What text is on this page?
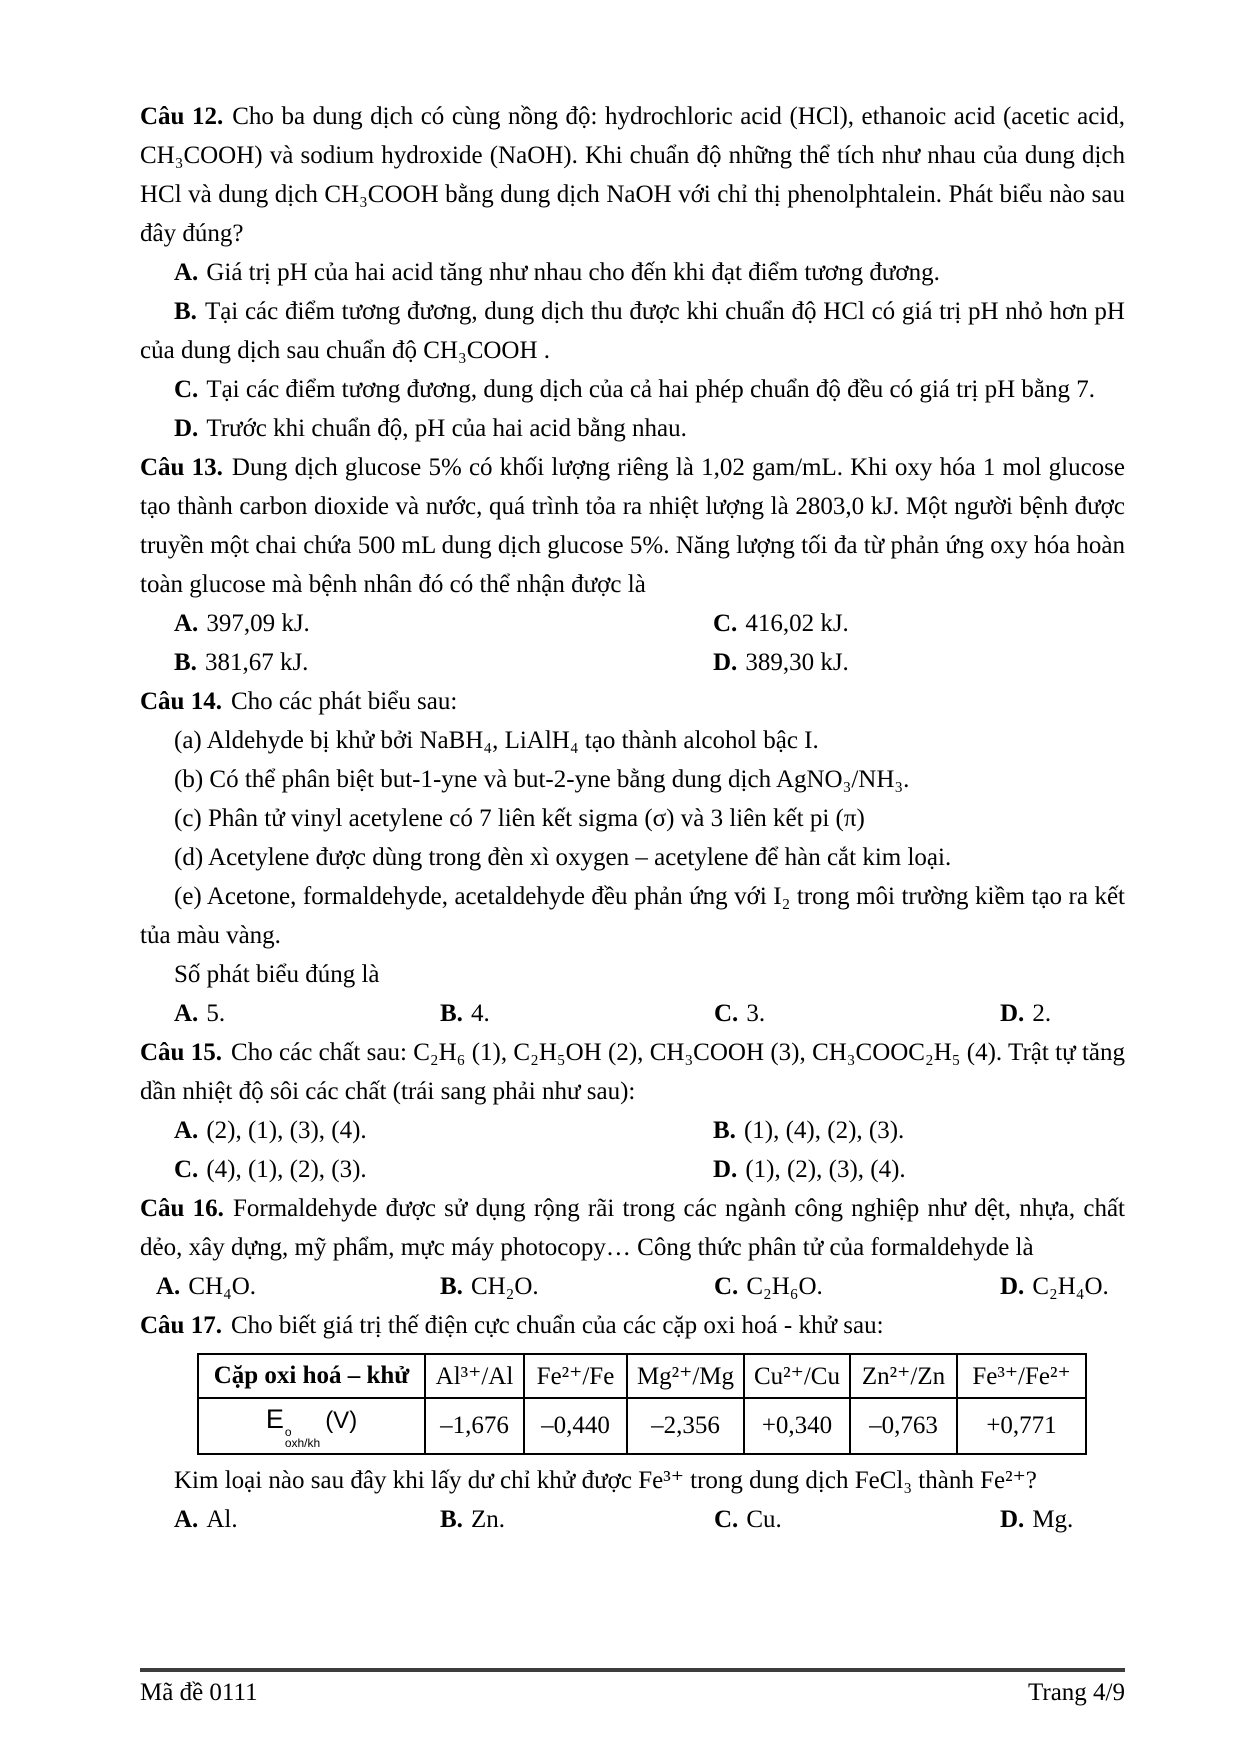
Câu 12. Cho ba dung dịch có cùng nồng độ: hydrochloric acid (HCl), ethanoic acid (acetic acid, CH₃COOH) và sodium hydroxide (NaOH). Khi chuẩn độ những thể tích như nhau của dung dịch HCl và dung dịch CH₃COOH bằng dung dịch NaOH với chỉ thị phenolphtalein. Phát biểu nào sau đây đúng?

A. Giá trị pH của hai acid tăng như nhau cho đến khi đạt điểm tương đương.

B. Tại các điểm tương đương, dung dịch thu được khi chuẩn độ HCl có giá trị pH nhỏ hơn pH của dung dịch sau chuẩn độ CH₃COOH .

C. Tại các điểm tương đương, dung dịch của cả hai phép chuẩn độ đều có giá trị pH bằng 7.

D. Trước khi chuẩn độ, pH của hai acid bằng nhau.

Câu 13. Dung dịch glucose 5% có khối lượng riêng là 1,02 gam/mL. Khi oxy hóa 1 mol glucose tạo thành carbon dioxide và nước, quá trình tỏa ra nhiệt lượng là 2803,0 kJ. Một người bệnh được truyền một chai chứa 500 mL dung dịch glucose 5%. Năng lượng tối đa từ phản ứng oxy hóa hoàn toàn glucose mà bệnh nhân đó có thể nhận được là

A. 397,09 kJ.	C. 416,02 kJ.

B. 381,67 kJ.	D. 389,30 kJ.

Câu 14. Cho các phát biểu sau:

(a) Aldehyde bị khử bởi NaBH₄, LiAlH₄ tạo thành alcohol bậc I.

(b) Có thể phân biệt but-1-yne và but-2-yne bằng dung dịch AgNO₃/NH₃.

(c) Phân tử vinyl acetylene có 7 liên kết sigma (σ) và 3 liên kết pi (π)

(d) Acetylene được dùng trong đèn xì oxygen – acetylene để hàn cắt kim loại.

(e) Acetone, formaldehyde, acetaldehyde đều phản ứng với I₂ trong môi trường kiềm tạo ra kết tủa màu vàng.

Số phát biểu đúng là

A. 5.	B. 4.	C. 3.	D. 2.

Câu 15. Cho các chất sau: C₂H₆ (1), C₂H₅OH (2), CH₃COOH (3), CH₃COOC₂H₅ (4). Trật tự tăng dần nhiệt độ sôi các chất (trái sang phải như sau):

A. (2), (1), (3), (4).	B. (1), (4), (2), (3).

C. (4), (1), (2), (3).	D. (1), (2), (3), (4).

Câu 16. Formaldehyde được sử dụng rộng rãi trong các ngành công nghiệp như dệt, nhựa, chất dẻo, xây dựng, mỹ phẩm, mực máy photocopy… Công thức phân tử của formaldehyde là

A. CH₄O.	B. CH₂O.	C. C₂H₆O.	D. C₂H₄O.

Câu 17. Cho biết giá trị thế điện cực chuẩn của các cặp oxi hoá - khử sau:

Cặp oxi hoá – khử	Al³⁺/Al	Fe²⁺/Fe	Mg²⁺/Mg	Cu²⁺/Cu	Zn²⁺/Zn	Fe³⁺/Fe²⁺
E o
oxh/kh
(V)	–1,676	–0,440	–2,356	+0,340	–0,763	+0,771

Kim loại nào sau đây khi lấy dư chỉ khử được Fe³⁺ trong dung dịch FeCl₃ thành Fe²⁺?

A. Al.	B. Zn.	C. Cu.	D. Mg.

Mã đề 0111	Trang 4/9
